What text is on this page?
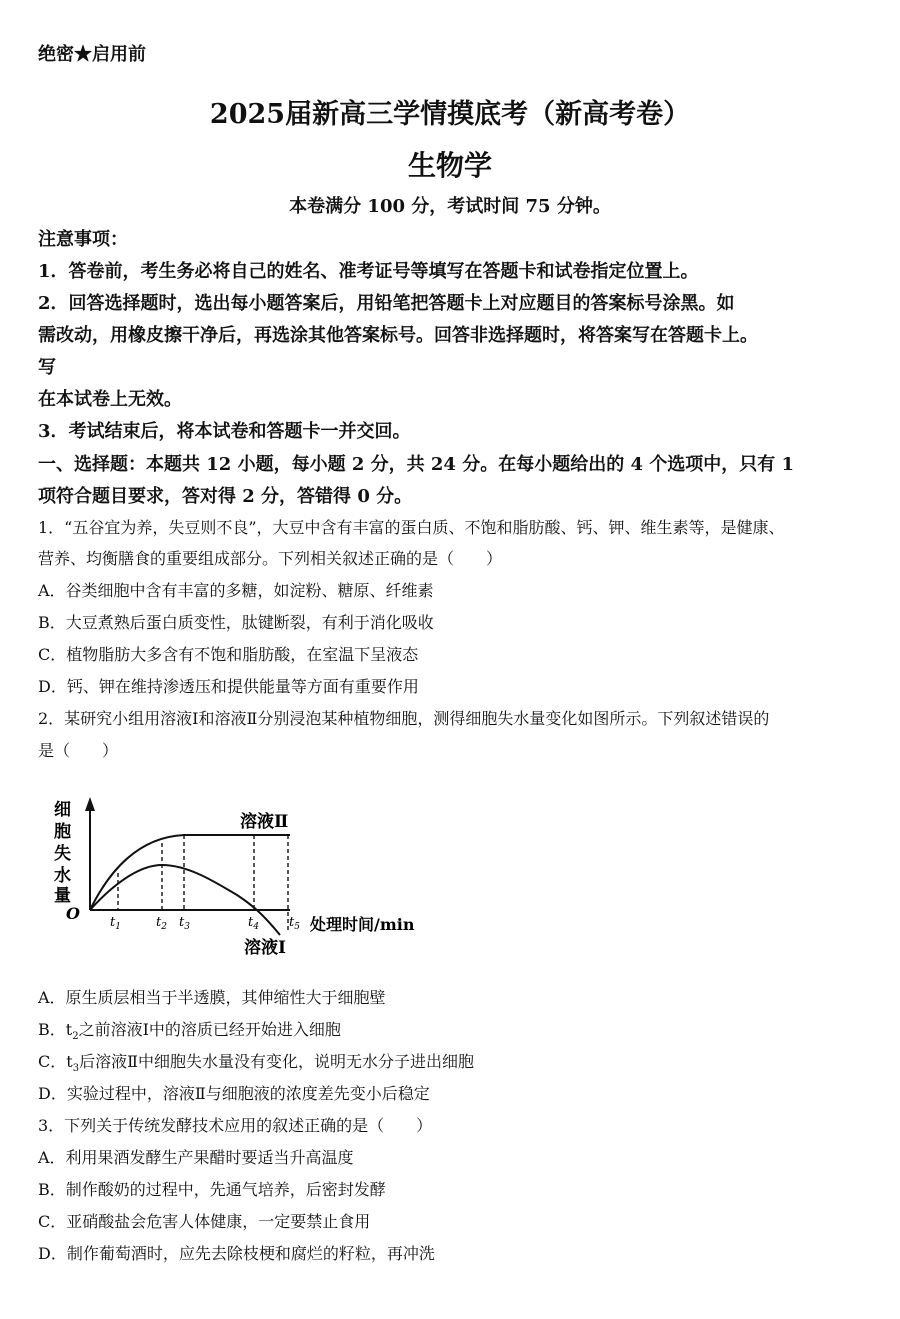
绝密★启用前
2025届新高三学情摸底考（新高考卷）
生物学
本卷满分 100 分，考试时间 75 分钟。
注意事项：
1．答卷前，考生务必将自己的姓名、准考证号等填写在答题卡和试卷指定位置上。
2．回答选择题时，选出每小题答案后，用铅笔把答题卡上对应题目的答案标号涂黑。如
需改动，用橡皮擦干净后，再选涂其他答案标号。回答非选择题时，将答案写在答题卡上。
写
在本试卷上无效。
3．考试结束后，将本试卷和答题卡一并交回。
一、选择题：本题共 12 小题，每小题 2 分，共 24 分。在每小题给出的 4 个选项中，只有 1
项符合题目要求，答对得 2 分，答错得 0 分。
1．“五谷宜为养，失豆则不良”，大豆中含有丰富的蛋白质、不饱和脂肪酸、钙、钾、维生素等，是健康、
营养、均衡膳食的重要组成部分。下列相关叙述正确的是（　　）
A．谷类细胞中含有丰富的多糖，如淀粉、糖原、纤维素
B．大豆煮熟后蛋白质变性，肽键断裂，有利于消化吸收
C．植物脂肪大多含有不饱和脂肪酸，在室温下呈液态
D．钙、钾在维持渗透压和提供能量等方面有重要作用
2．某研究小组用溶液Ⅰ和溶液Ⅱ分别浸泡某种植物细胞，测得细胞失水量变化如图所示。下列叙述错误的
是（　　）
细
胞
失
水
量
O $t_1$	$t_2$ $t_3$	$t_4$ $t_5$
溶液Ⅱ
溶液Ⅰ
处理时间/min
A．原生质层相当于半透膜，其伸缩性大于细胞壁
B．$t_2$之前溶液Ⅰ中的溶质已经开始进入细胞
C．$t_3$后溶液Ⅱ中细胞失水量没有变化，说明无水分子进出细胞
D．实验过程中，溶液Ⅱ与细胞液的浓度差先变小后稳定
3．下列关于传统发酵技术应用的叙述正确的是（　　）
A．利用果酒发酵生产果醋时要适当升高温度
B．制作酸奶的过程中，先通气培养，后密封发酵
C．亚硝酸盐会危害人体健康，一定要禁止食用
D．制作葡萄酒时，应先去除枝梗和腐烂的籽粒，再冲洗
